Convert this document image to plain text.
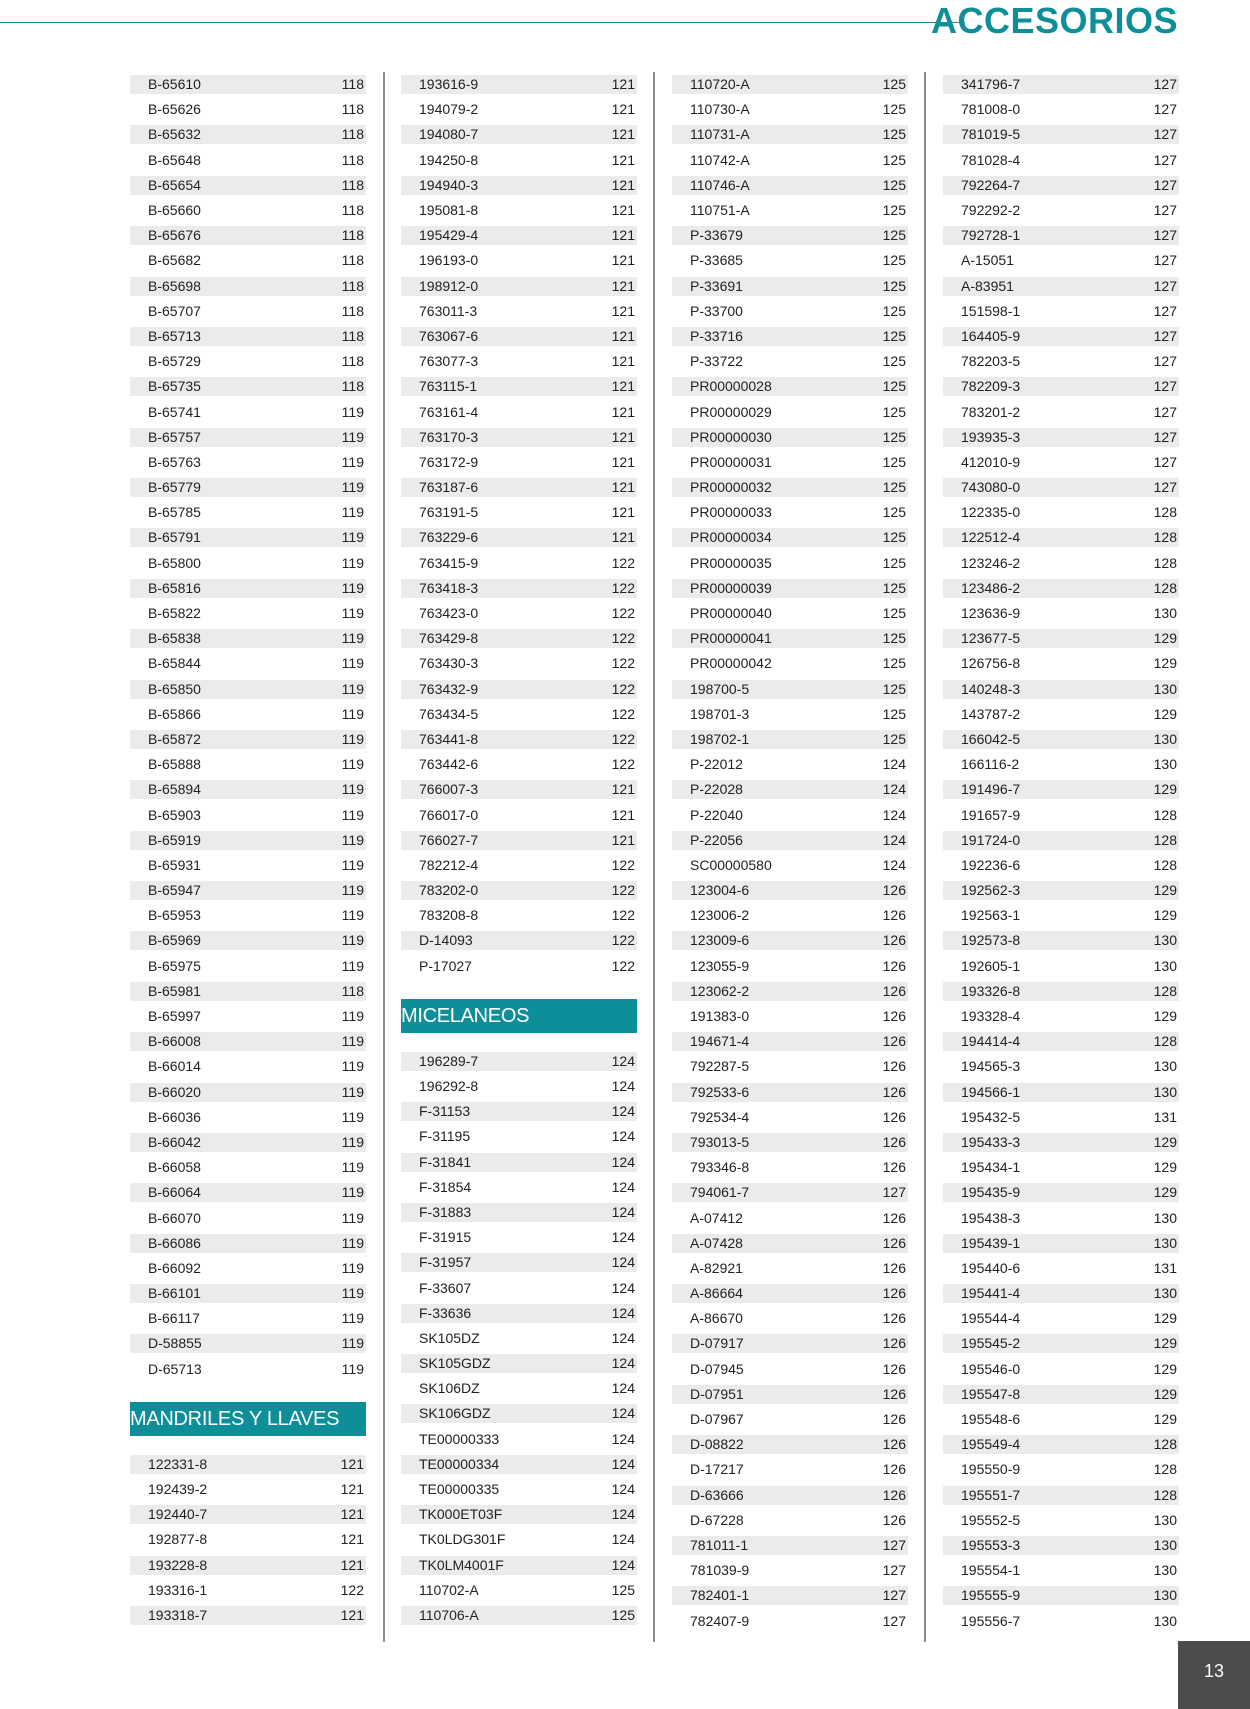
ACCESORIOS
B-65610	118
B-65626	118
B-65632	118
B-65648	118
B-65654	118
B-65660	118
B-65676	118
B-65682	118
B-65698	118
B-65707	118
B-65713	118
B-65729	118
B-65735	118
B-65741	119
B-65757	119
B-65763	119
B-65779	119
B-65785	119
B-65791	119
B-65800	119
B-65816	119
B-65822	119
B-65838	119
B-65844	119
B-65850	119
B-65866	119
B-65872	119
B-65888	119
B-65894	119
B-65903	119
B-65919	119
B-65931	119
B-65947	119
B-65953	119
B-65969	119
B-65975	119
B-65981	118
B-65997	119
B-66008	119
B-66014	119
B-66020	119
B-66036	119
B-66042	119
B-66058	119
B-66064	119
B-66070	119
B-66086	119
B-66092	119
B-66101	119
B-66117	119
D-58855	119
D-65713	119
MANDRILES Y LLAVES
122331-8	121
192439-2	121
192440-7	121
192877-8	121
193228-8	121
193316-1	122
193318-7	121
193616-9	121
194079-2	121
194080-7	121
194250-8	121
194940-3	121
195081-8	121
195429-4	121
196193-0	121
198912-0	121
763011-3	121
763067-6	121
763077-3	121
763115-1	121
763161-4	121
763170-3	121
763172-9	121
763187-6	121
763191-5	121
763229-6	121
763415-9	122
763418-3	122
763423-0	122
763429-8	122
763430-3	122
763432-9	122
763434-5	122
763441-8	122
763442-6	122
766007-3	121
766017-0	121
766027-7	121
782212-4	122
783202-0	122
783208-8	122
D-14093	122
P-17027	122
MICELANEOS
196289-7	124
196292-8	124
F-31153	124
F-31195	124
F-31841	124
F-31854	124
F-31883	124
F-31915	124
F-31957	124
F-33607	124
F-33636	124
SK105DZ	124
SK105GDZ	124
SK106DZ	124
SK106GDZ	124
TE00000333	124
TE00000334	124
TE00000335	124
TK000ET03F	124
TK0LDG301F	124
TK0LM4001F	124
110702-A	125
110706-A	125
110720-A	125
110730-A	125
110731-A	125
110742-A	125
110746-A	125
110751-A	125
P-33679	125
P-33685	125
P-33691	125
P-33700	125
P-33716	125
P-33722	125
PR00000028	125
PR00000029	125
PR00000030	125
PR00000031	125
PR00000032	125
PR00000033	125
PR00000034	125
PR00000035	125
PR00000039	125
PR00000040	125
PR00000041	125
PR00000042	125
198700-5	125
198701-3	125
198702-1	125
P-22012	124
P-22028	124
P-22040	124
P-22056	124
SC00000580	124
123004-6	126
123006-2	126
123009-6	126
123055-9	126
123062-2	126
191383-0	126
194671-4	126
792287-5	126
792533-6	126
792534-4	126
793013-5	126
793346-8	126
794061-7	127
A-07412	126
A-07428	126
A-82921	126
A-86664	126
A-86670	126
D-07917	126
D-07945	126
D-07951	126
D-07967	126
D-08822	126
D-17217	126
D-63666	126
D-67228	126
781011-1	127
781039-9	127
782401-1	127
782407-9	127
341796-7	127
781008-0	127
781019-5	127
781028-4	127
792264-7	127
792292-2	127
792728-1	127
A-15051	127
A-83951	127
151598-1	127
164405-9	127
782203-5	127
782209-3	127
783201-2	127
193935-3	127
412010-9	127
743080-0	127
122335-0	128
122512-4	128
123246-2	128
123486-2	128
123636-9	130
123677-5	129
126756-8	129
140248-3	130
143787-2	129
166042-5	130
166116-2	130
191496-7	129
191657-9	128
191724-0	128
192236-6	128
192562-3	129
192563-1	129
192573-8	130
192605-1	130
193326-8	128
193328-4	129
194414-4	128
194565-3	130
194566-1	130
195432-5	131
195433-3	129
195434-1	129
195435-9	129
195438-3	130
195439-1	130
195440-6	131
195441-4	130
195544-4	129
195545-2	129
195546-0	129
195547-8	129
195548-6	129
195549-4	128
195550-9	128
195551-7	128
195552-5	130
195553-3	130
195554-1	130
195555-9	130
195556-7	130
13
